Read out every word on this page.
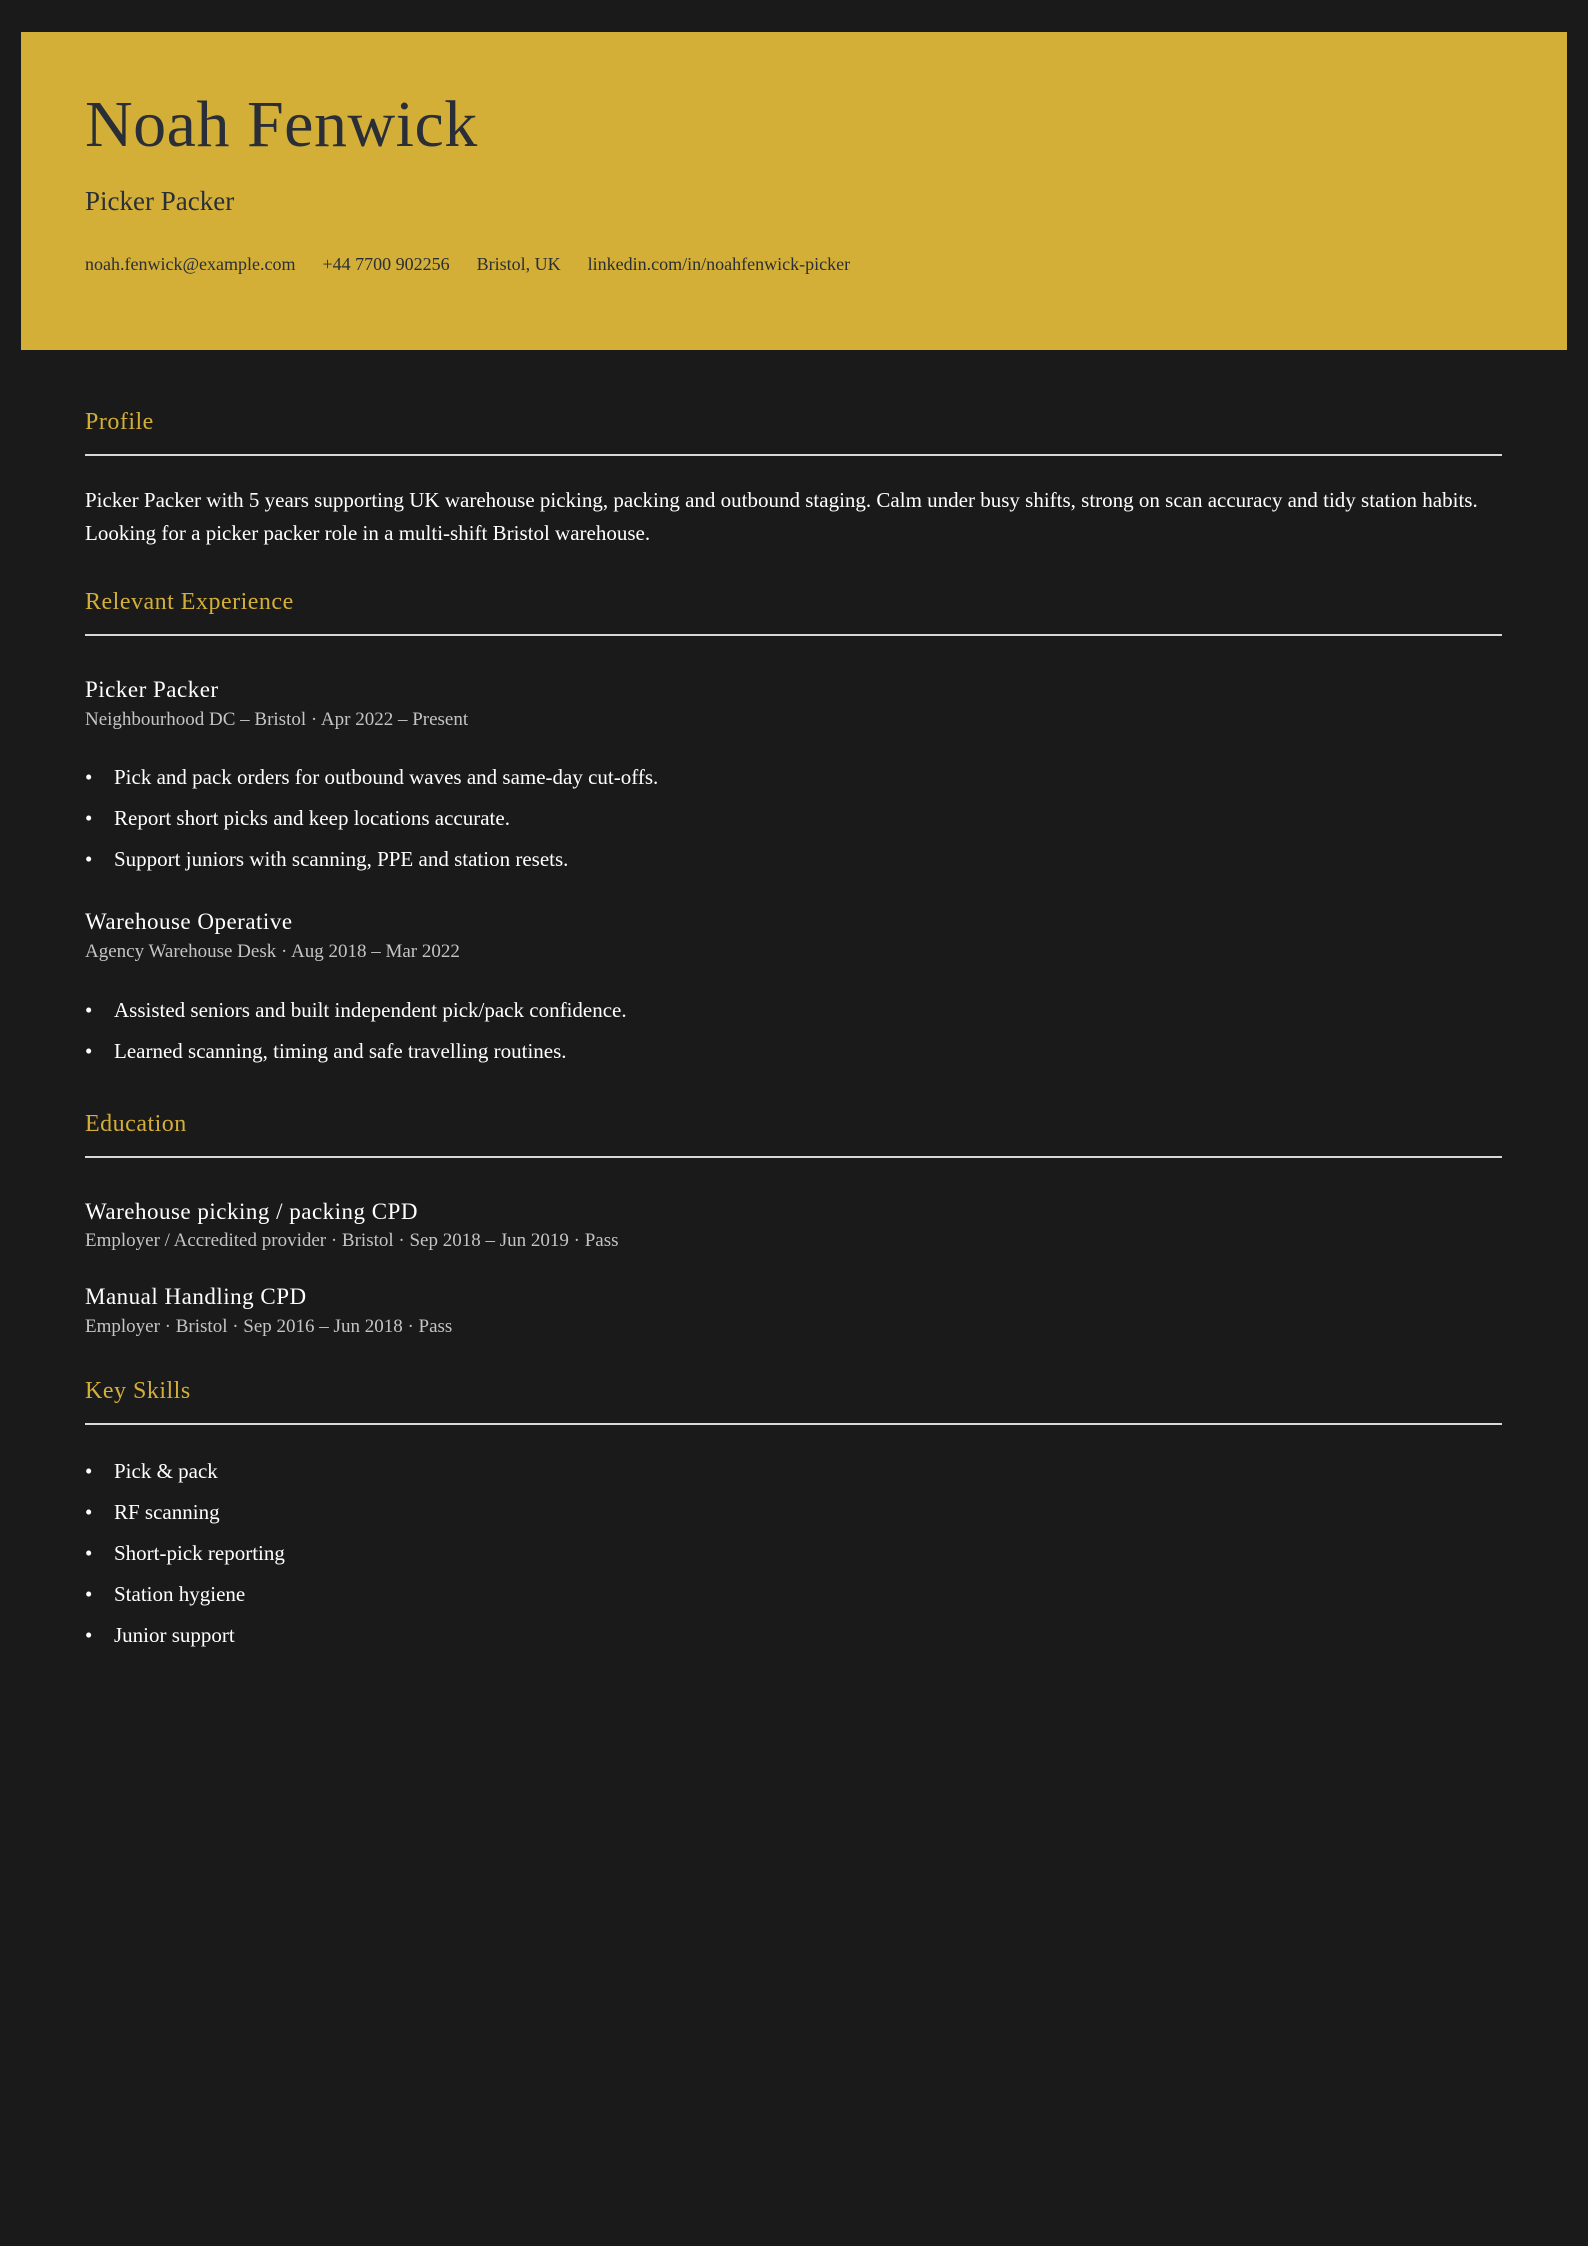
Noah Fenwick
Picker Packer
noah.fenwick@example.com +44 7700 902256 Bristol, UK linkedin.com/in/noahfenwick-picker
Profile

Picker Packer with 5 years supporting UK warehouse picking, packing and outbound staging. Calm under busy shifts, strong on scan accuracy and tidy station habits. Looking for a picker packer role in a multi-shift Bristol warehouse.

Relevant Experience
Picker Packer
Neighbourhood DC – Bristol · Apr 2022 – Present
• Pick and pack orders for outbound waves and same-day cut-offs.
• Report short picks and keep locations accurate.
• Support juniors with scanning, PPE and station resets.
Warehouse Operative
Agency Warehouse Desk · Aug 2018 – Mar 2022
• Assisted seniors and built independent pick/pack confidence.
• Learned scanning, timing and safe travelling routines.
Education
Warehouse picking / packing CPD
Employer / Accredited provider · Bristol · Sep 2018 – Jun 2019 · Pass
Manual Handling CPD
Employer · Bristol · Sep 2016 – Jun 2018 · Pass
Key Skills
• Pick & pack
• RF scanning
• Short-pick reporting
• Station hygiene
• Junior support
